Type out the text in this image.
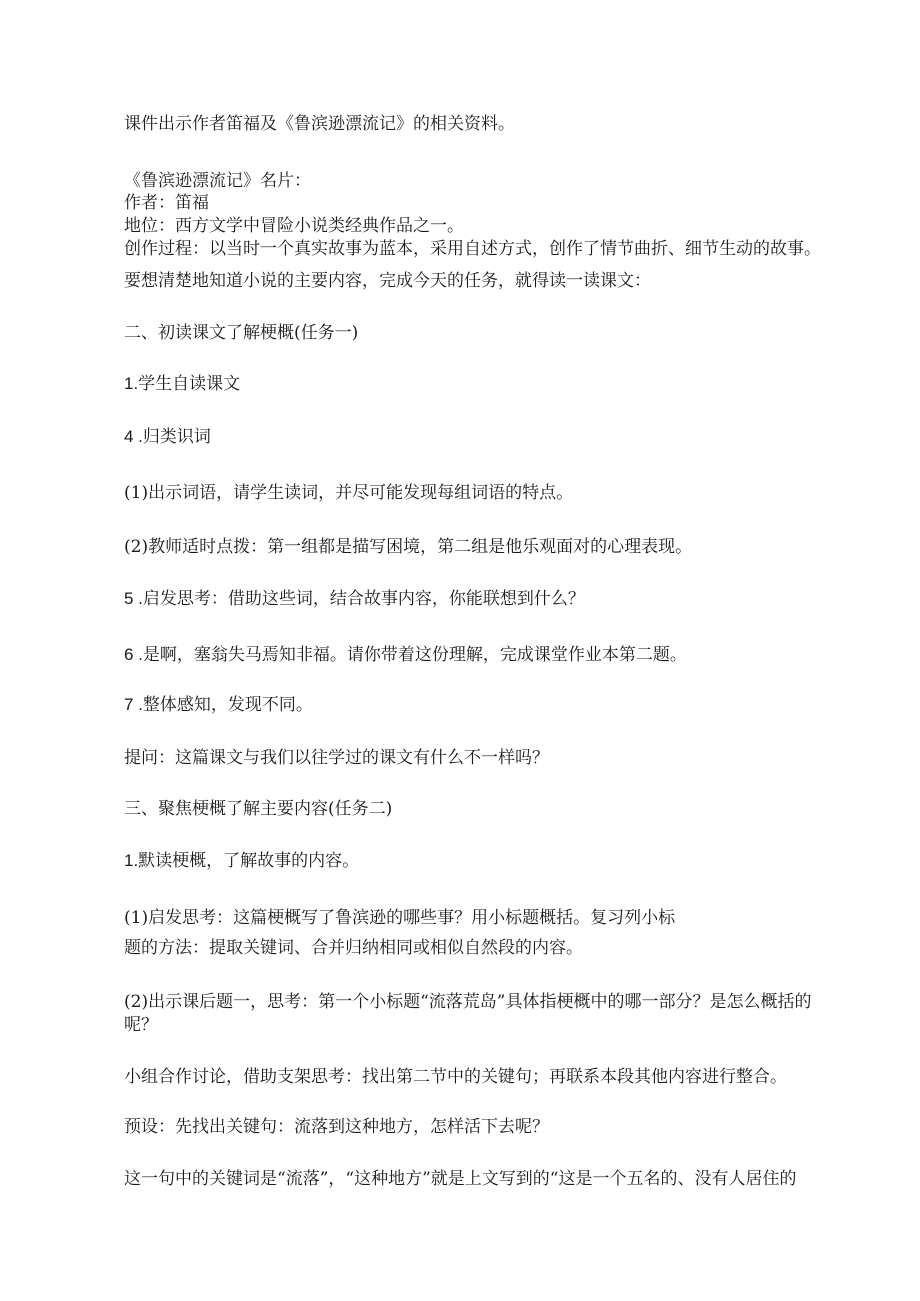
课件出示作者笛福及《鲁滨逊漂流记》的相关资料。
《鲁滨逊漂流记》名片：
作者：笛福
地位：西方文学中冒险小说类经典作品之一。
创作过程：以当时一个真实故事为蓝本，采用自述方式，创作了情节曲折、细节生动的故事。
要想清楚地知道小说的主要内容，完成今天的任务，就得读一读课文：
二、初读课文了解梗概(任务一)
1.学生自读课文
4 .归类识词
(1)出示词语，请学生读词，并尽可能发现每组词语的特点。
(2)教师适时点拨：第一组都是描写困境，第二组是他乐观面对的心理表现。
5 .启发思考：借助这些词，结合故事内容，你能联想到什么？
6 .是啊，塞翁失马焉知非福。请你带着这份理解，完成课堂作业本第二题。
7 .整体感知，发现不同。
提问：这篇课文与我们以往学过的课文有什么不一样吗？
三、聚焦梗概了解主要内容(任务二)
1.默读梗概，了解故事的内容。
(1)启发思考：这篇梗概写了鲁滨逊的哪些事？用小标题概括。复习列小标
题的方法：提取关键词、合并归纳相同或相似自然段的内容。
(2)出示课后题一，思考：第一个小标题“流落荒岛”具体指梗概中的哪一部分？是怎么概括的
呢？
小组合作讨论，借助支架思考：找出第二节中的关键句；再联系本段其他内容进行整合。
预设：先找出关键句：流落到这种地方，怎样活下去呢？
这一句中的关键词是“流落”，“这种地方”就是上文写到的“这是一个五名的、没有人居住的
